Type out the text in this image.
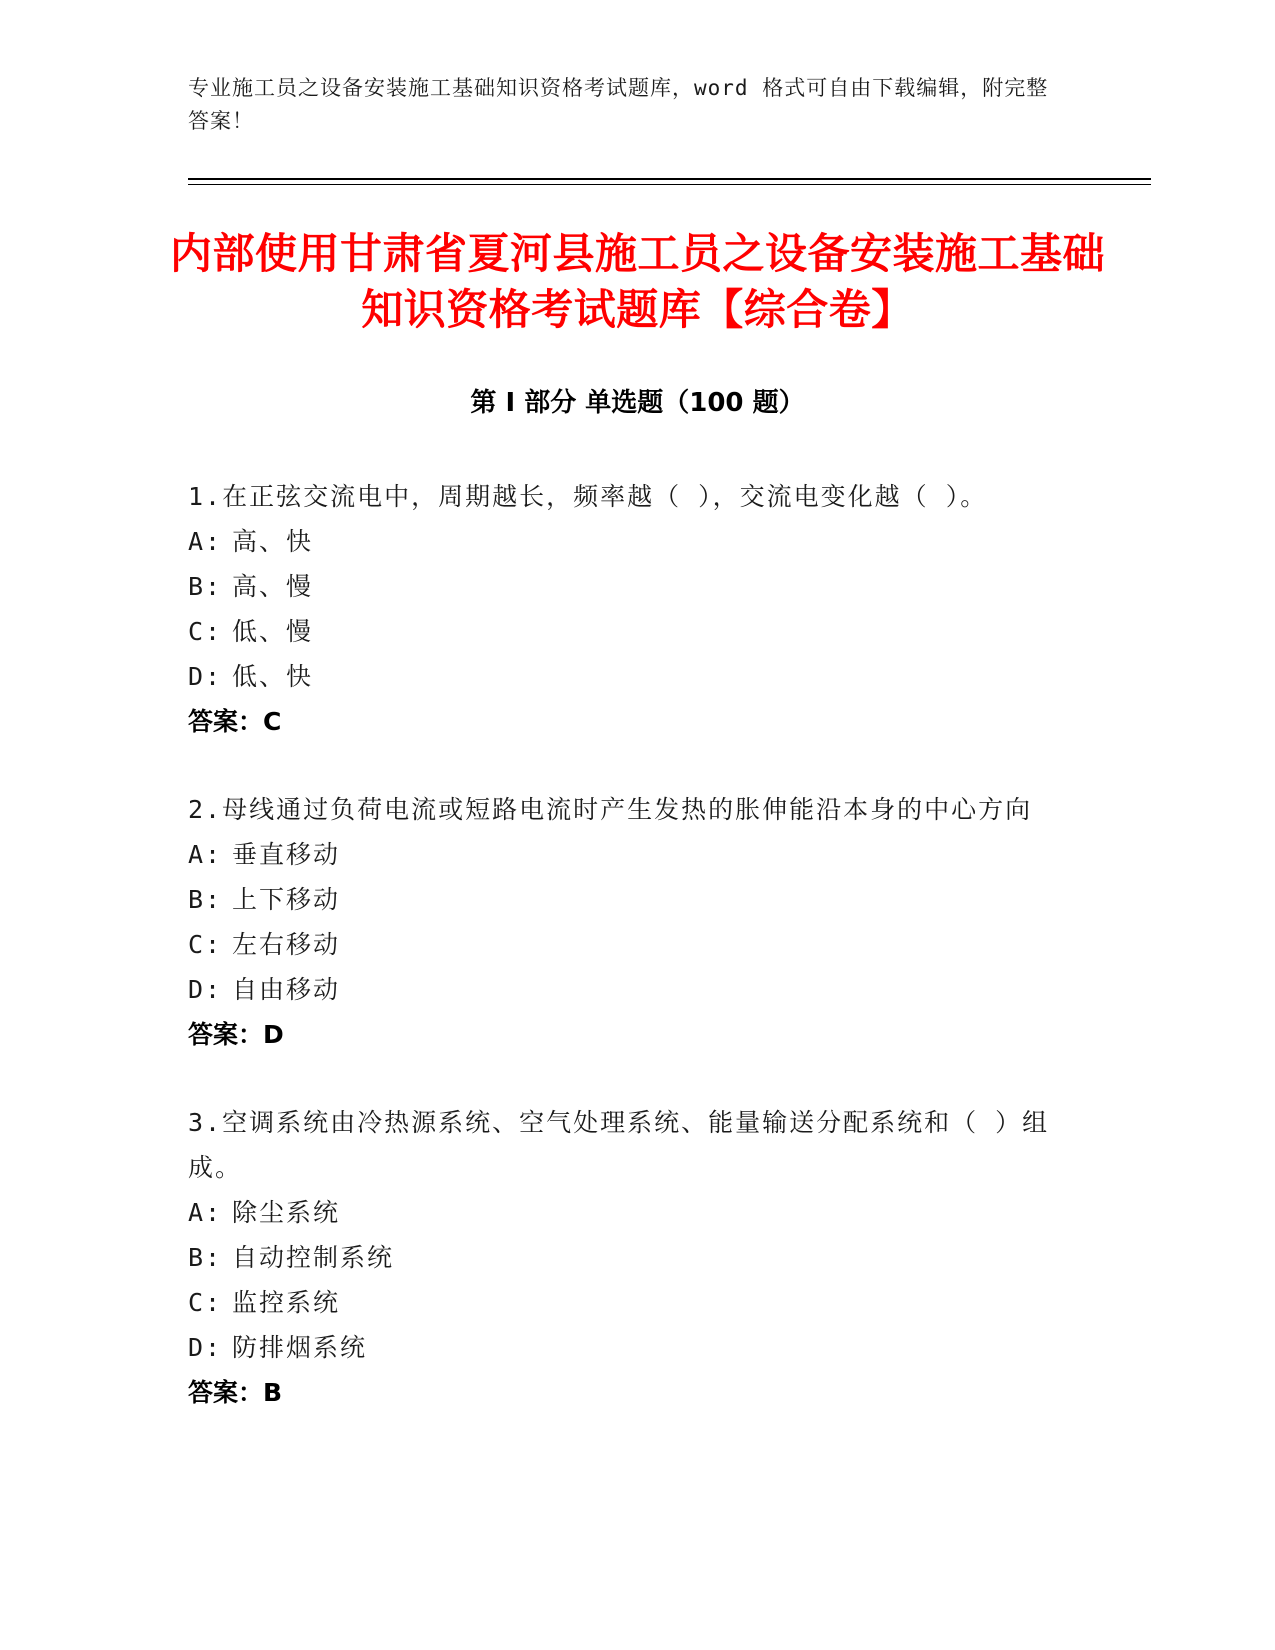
专业施工员之设备安装施工基础知识资格考试题库，word 格式可自由下载编辑，附完整答案！
内部使用甘肃省夏河县施工员之设备安装施工基础知识资格考试题库【综合卷】
第 I 部分 单选题（100 题）
1.在正弦交流电中，周期越长，频率越（ ），交流电变化越（ ）。
A: 高、快
B: 高、慢
C: 低、慢
D: 低、快
答案：C
2.母线通过负荷电流或短路电流时产生发热的胀伸能沿本身的中心方向
A: 垂直移动
B: 上下移动
C: 左右移动
D: 自由移动
答案：D
3.空调系统由冷热源系统、空气处理系统、能量输送分配系统和（ ）组成。
A: 除尘系统
B: 自动控制系统
C: 监控系统
D: 防排烟系统
答案：B
